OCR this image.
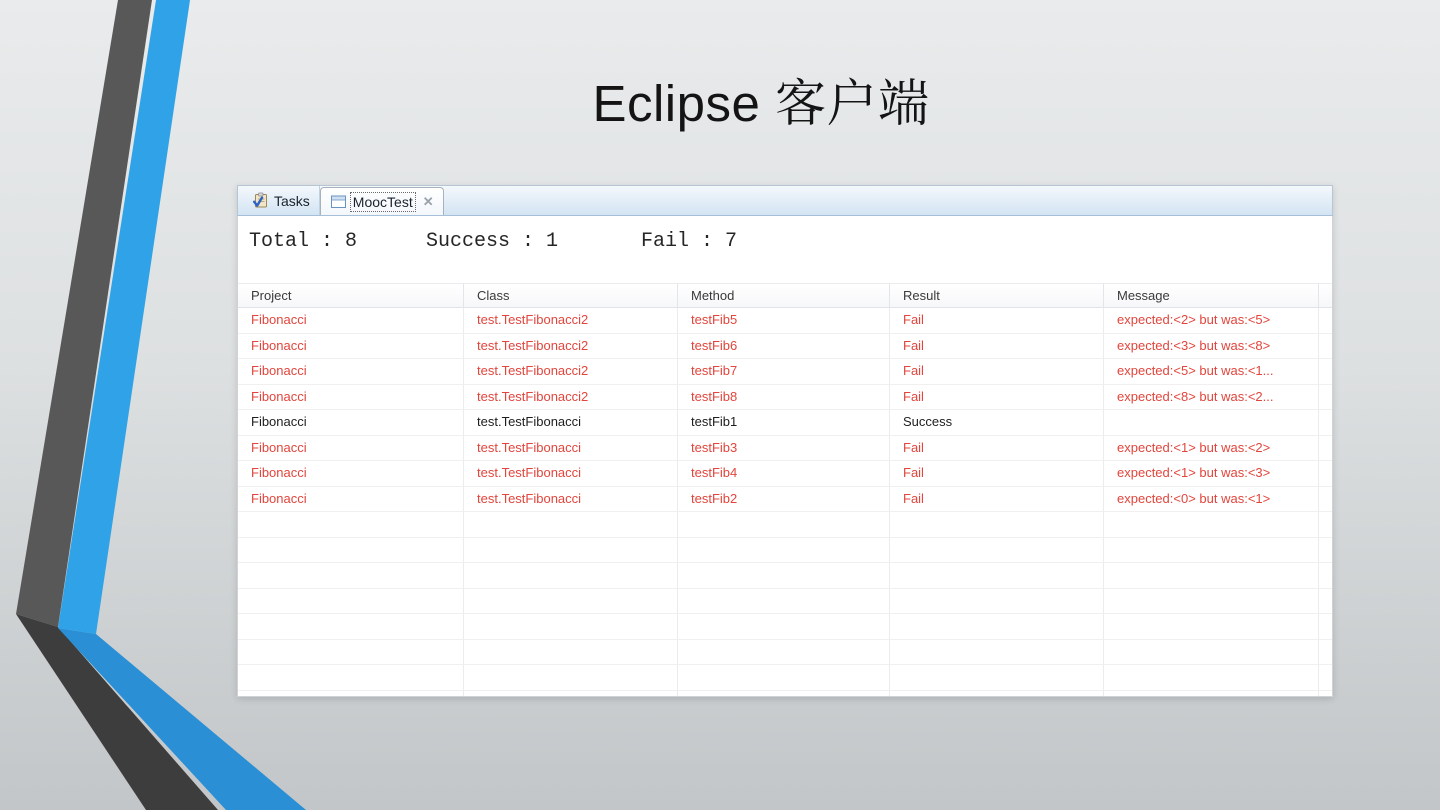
Eclipse 客户端
Tasks	MoocTest ✕
Total : 8	Success : 1	Fail : 7
Project	Class	Method	Result	Message
Fibonacci	test.TestFibonacci2	testFib5	Fail	expected:<2> but was:<5>
Fibonacci	test.TestFibonacci2	testFib6	Fail	expected:<3> but was:<8>
Fibonacci	test.TestFibonacci2	testFib7	Fail	expected:<5> but was:<1...
Fibonacci	test.TestFibonacci2	testFib8	Fail	expected:<8> but was:<2...
Fibonacci	test.TestFibonacci	testFib1	Success
Fibonacci	test.TestFibonacci	testFib3	Fail	expected:<1> but was:<2>
Fibonacci	test.TestFibonacci	testFib4	Fail	expected:<1> but was:<3>
Fibonacci	test.TestFibonacci	testFib2	Fail	expected:<0> but was:<1>
